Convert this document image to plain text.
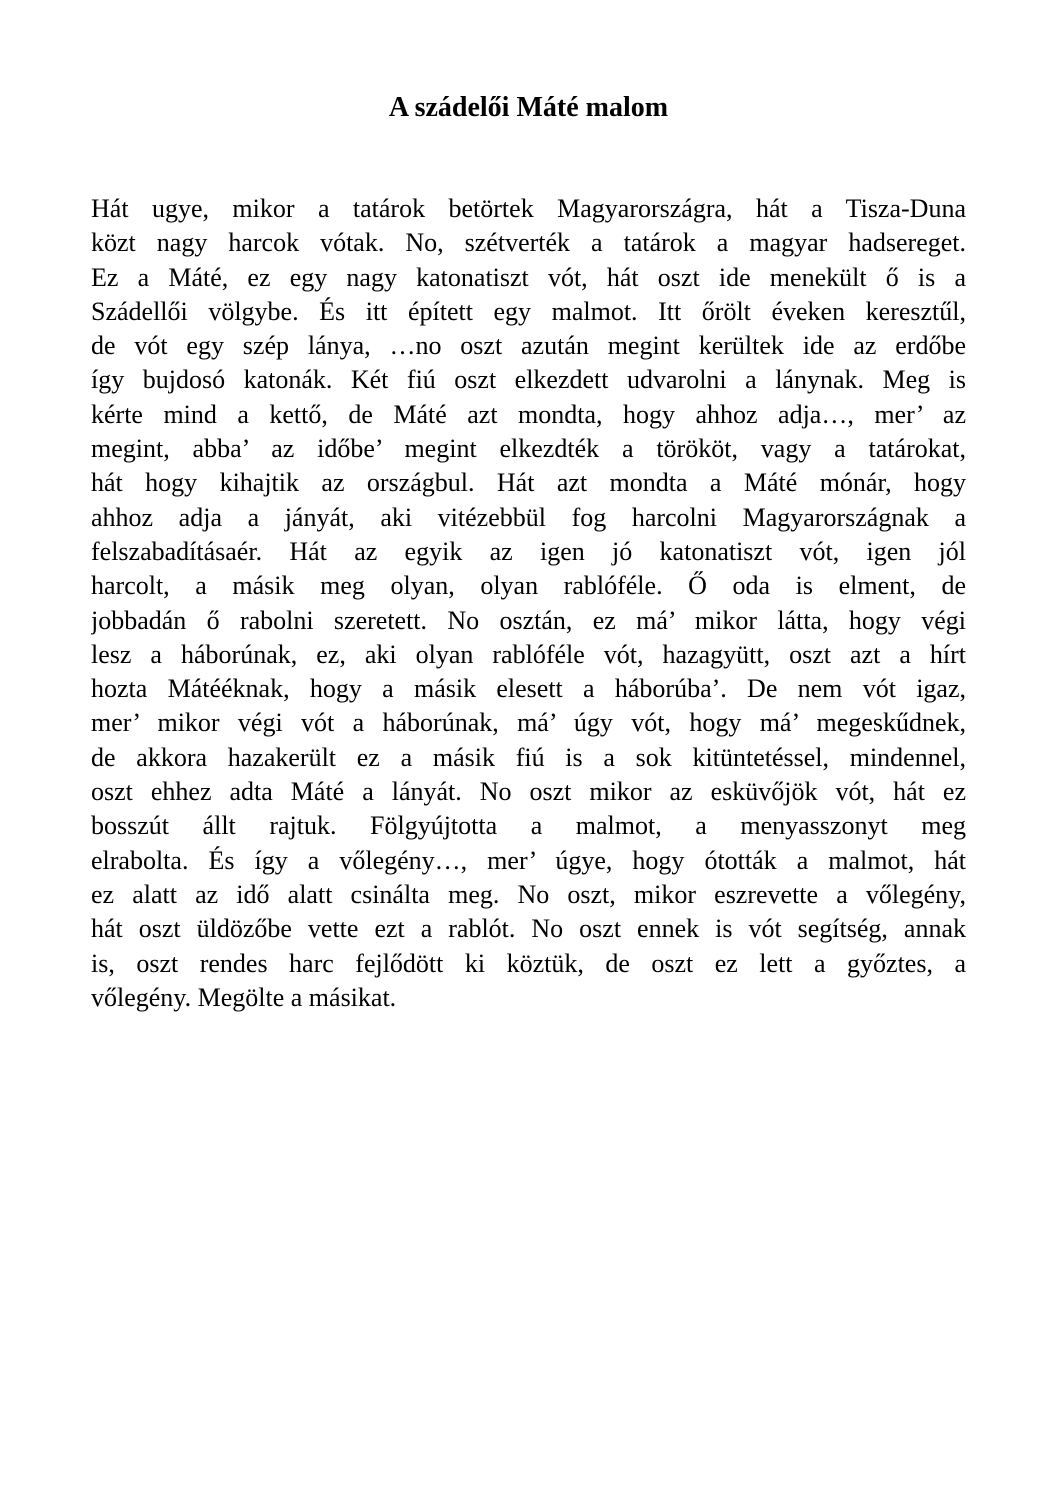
A szádelői Máté malom
Hát ugye, mikor a tatárok betörtek Magyarországra, hát a Tisza-Duna
közt nagy harcok vótak. No, szétverték a tatárok a magyar hadsereget.
Ez a Máté, ez egy nagy katonatiszt vót, hát oszt ide menekült ő is a
Szádellői völgybe. És itt épített egy malmot. Itt őrölt éveken keresztűl,
de vót egy szép lánya, …no oszt azután megint kerültek ide az erdőbe
így bujdosó katonák. Két fiú oszt elkezdett udvarolni a lánynak. Meg is
kérte mind a kettő, de Máté azt mondta, hogy ahhoz adja…, mer’ az
megint, abba’ az időbe’ megint elkezdték a törököt, vagy a tatárokat,
hát hogy kihajtik az országbul. Hát azt mondta a Máté mónár, hogy
ahhoz adja a jányát, aki vitézebbül fog harcolni Magyarországnak a
felszabadításaér. Hát az egyik az igen jó katonatiszt vót, igen jól
harcolt, a másik meg olyan, olyan rablóféle. Ő oda is elment, de
jobbadán ő rabolni szeretett. No osztán, ez má’ mikor látta, hogy végi
lesz a háborúnak, ez, aki olyan rablóféle vót, hazagyütt, oszt azt a hírt
hozta Mátééknak, hogy a másik elesett a háborúba’. De nem vót igaz,
mer’ mikor végi vót a háborúnak, má’ úgy vót, hogy má’ megeskűdnek,
de akkora hazakerült ez a másik fiú is a sok kitüntetéssel, mindennel,
oszt ehhez adta Máté a lányát. No oszt mikor az esküvőjök vót, hát ez
bosszút állt rajtuk. Fölgyújtotta a malmot, a menyasszonyt meg
elrabolta. És így a vőlegény…, mer’ úgye, hogy ótották a malmot, hát
ez alatt az idő alatt csinálta meg. No oszt, mikor eszrevette a vőlegény,
hát oszt üldözőbe vette ezt a rablót. No oszt ennek is vót segítség, annak
is, oszt rendes harc fejlődött ki köztük, de oszt ez lett a győztes, a
vőlegény. Megölte a másikat.
